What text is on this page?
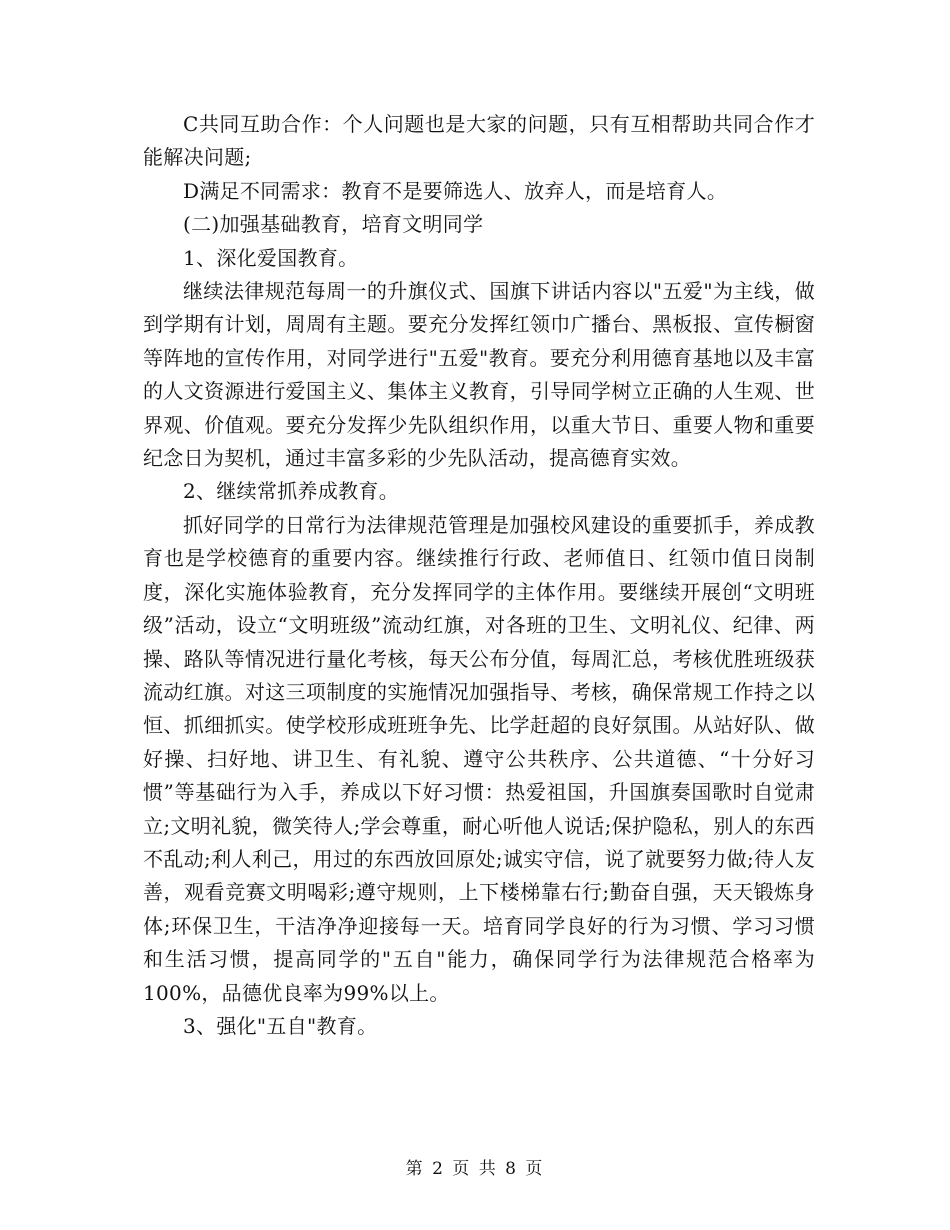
C共同互助合作：个人问题也是大家的问题，只有互相帮助共同合作才能解决问题;

D满足不同需求：教育不是要筛选人、放弃人，而是培育人。

(二)加强基础教育，培育文明同学

1、深化爱国教育。

继续法律规范每周一的升旗仪式、国旗下讲话内容以"五爱"为主线，做到学期有计划，周周有主题。要充分发挥红领巾广播台、黑板报、宣传橱窗等阵地的宣传作用，对同学进行"五爱"教育。要充分利用德育基地以及丰富的人文资源进行爱国主义、集体主义教育，引导同学树立正确的人生观、世界观、价值观。要充分发挥少先队组织作用，以重大节日、重要人物和重要纪念日为契机，通过丰富多彩的少先队活动，提高德育实效。

2、继续常抓养成教育。

抓好同学的日常行为法律规范管理是加强校风建设的重要抓手，养成教育也是学校德育的重要内容。继续推行行政、老师值日、红领巾值日岗制度，深化实施体验教育，充分发挥同学的主体作用。要继续开展创“文明班级”活动，设立“文明班级”流动红旗，对各班的卫生、文明礼仪、纪律、两操、路队等情况进行量化考核，每天公布分值，每周汇总，考核优胜班级获流动红旗。对这三项制度的实施情况加强指导、考核，确保常规工作持之以恒、抓细抓实。使学校形成班班争先、比学赶超的良好氛围。从站好队、做好操、扫好地、讲卫生、有礼貌、遵守公共秩序、公共道德、“十分好习惯”等基础行为入手，养成以下好习惯：热爱祖国，升国旗奏国歌时自觉肃立;文明礼貌，微笑待人;学会尊重，耐心听他人说话;保护隐私，别人的东西不乱动;利人利己，用过的东西放回原处;诚实守信，说了就要努力做;待人友善，观看竞赛文明喝彩;遵守规则，上下楼梯靠右行;勤奋自强，天天锻炼身体;环保卫生，干洁净净迎接每一天。培育同学良好的行为习惯、学习习惯和生活习惯，提高同学的"五自"能力，确保同学行为法律规范合格率为100%，品德优良率为99%以上。

3、强化"五自"教育。

第 2 页 共 8 页
